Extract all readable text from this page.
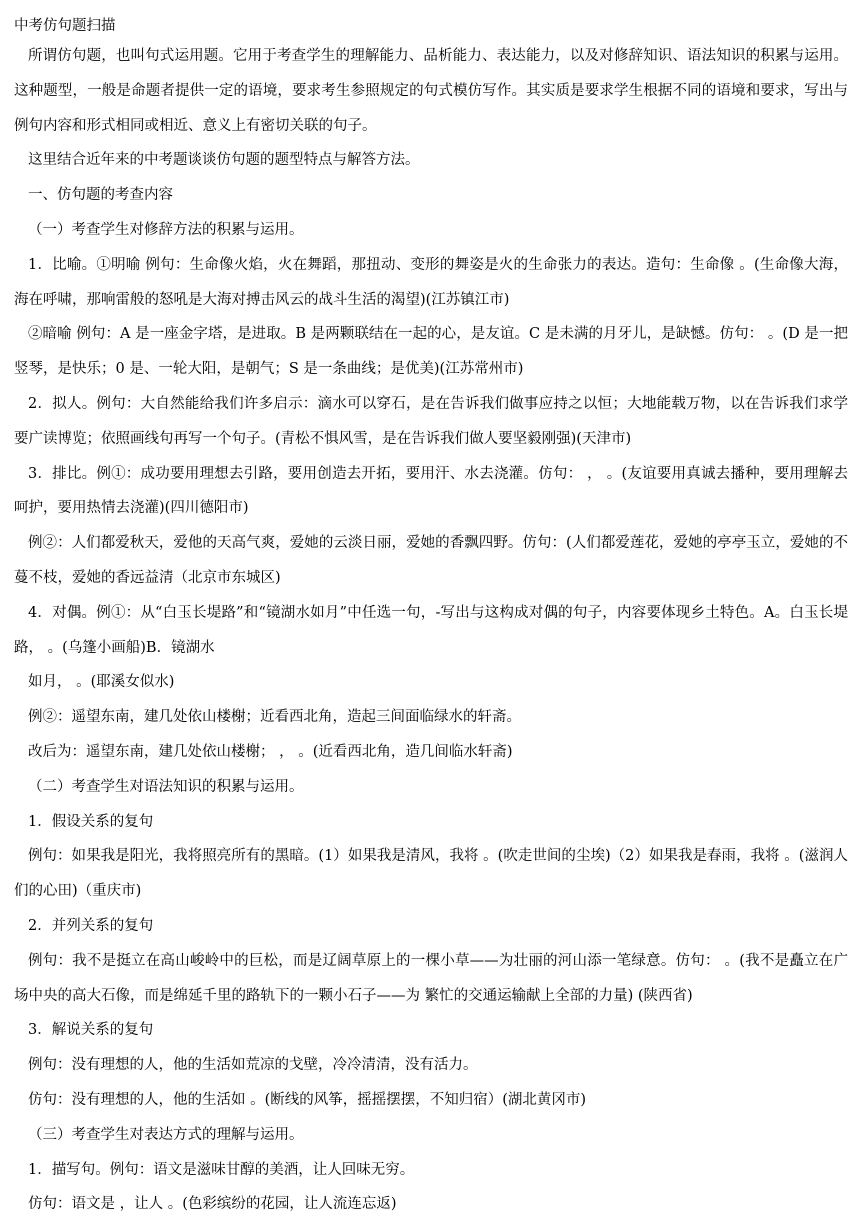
中考仿句题扫描

所谓仿句题，也叫句式运用题。它用于考查学生的理解能力、品析能力、表达能力，以及对修辞知识、语法知识的积累与运用。这种题型，一般是命题者提供一定的语境，要求考生参照规定的句式模仿写作。其实质是要求学生根据不同的语境和要求，写出与例句内容和形式相同或相近、意义上有密切关联的句子。

这里结合近年来的中考题谈谈仿句题的题型特点与解答方法。

一、仿句题的考查内容

（一）考查学生对修辞方法的积累与运用。

1．比喻。①明喻 例句：生命像火焰，火在舞蹈，那扭动、变形的舞姿是火的生命张力的表达。造句：生命像 。(生命像大海，海在呼啸，那响雷般的怒吼是大海对搏击风云的战斗生活的渴望)(江苏镇江市)

②暗喻 例句：A 是一座金字塔，是进取。B 是两颗联结在一起的心，是友谊。C 是未满的月牙儿，是缺憾。仿句： 。(D 是一把竖琴，是快乐；0 是、一轮大阳，是朝气；S 是一条曲线；是优美)(江苏常州市)

2．拟人。例句：大自然能给我们许多启示：滴水可以穿石，是在告诉我们做事应持之以恒；大地能载万物，以在告诉我们求学要广读博览；依照画线句再写一个句子。(青松不惧风雪，是在告诉我们做人要坚毅刚强)(天津市)

3．排比。例①：成功要用理想去引路，要用创造去开拓，要用汗、水去浇灌。仿句： ， 。(友谊要用真诚去播种，要用理解去呵护，要用热情去浇灌)(四川德阳市)

例②：人们都爱秋天，爱他的天高气爽，爱她的云淡日丽，爱她的香飘四野。仿句：(人们都爱莲花，爱她的亭亭玉立，爱她的不蔓不枝，爱她的香远益清（北京市东城区)

4．对偶。例①：从“白玉长堤路”和“镜湖水如月”中任选一句，-写出与这构成对偶的句子，内容要体现乡土特色。A。白玉长堤路， 。(乌篷小画船)B．镜湖水

如月， 。(耶溪女似水)

例②：遥望东南，建几处依山楼榭；近看西北角，造起三间面临绿水的轩斋。

改后为：遥望东南，建几处依山楼榭； ， 。(近看西北角，造几间临水轩斋)

（二）考查学生对语法知识的积累与运用。

1．假设关系的复句

例句：如果我是阳光，我将照亮所有的黑暗。(1）如果我是清风，我将 。(吹走世间的尘埃)（2）如果我是春雨，我将 。(滋润人们的心田)（重庆市)

2．并列关系的复句

例句：我不是挺立在高山峻岭中的巨松，而是辽阔草原上的一棵小草——为壮丽的河山添一笔绿意。仿句： 。(我不是矗立在广场中央的高大石像，而是绵延千里的路轨下的一颗小石子——为 繁忙的交通运输献上全部的力量) (陕西省)

3．解说关系的复句

例句：没有理想的人，他的生活如荒凉的戈壁，冷冷清清，没有活力。

仿句：没有理想的人，他的生活如 。(断线的风筝，摇摇摆摆，不知归宿）(湖北黄冈市)

（三）考查学生对表达方式的理解与运用。

1．描写句。例句：语文是滋味甘醇的美酒，让人回味无穷。

仿句：语文是 ，让人 。(色彩缤纷的花园，让人流连忘返)
